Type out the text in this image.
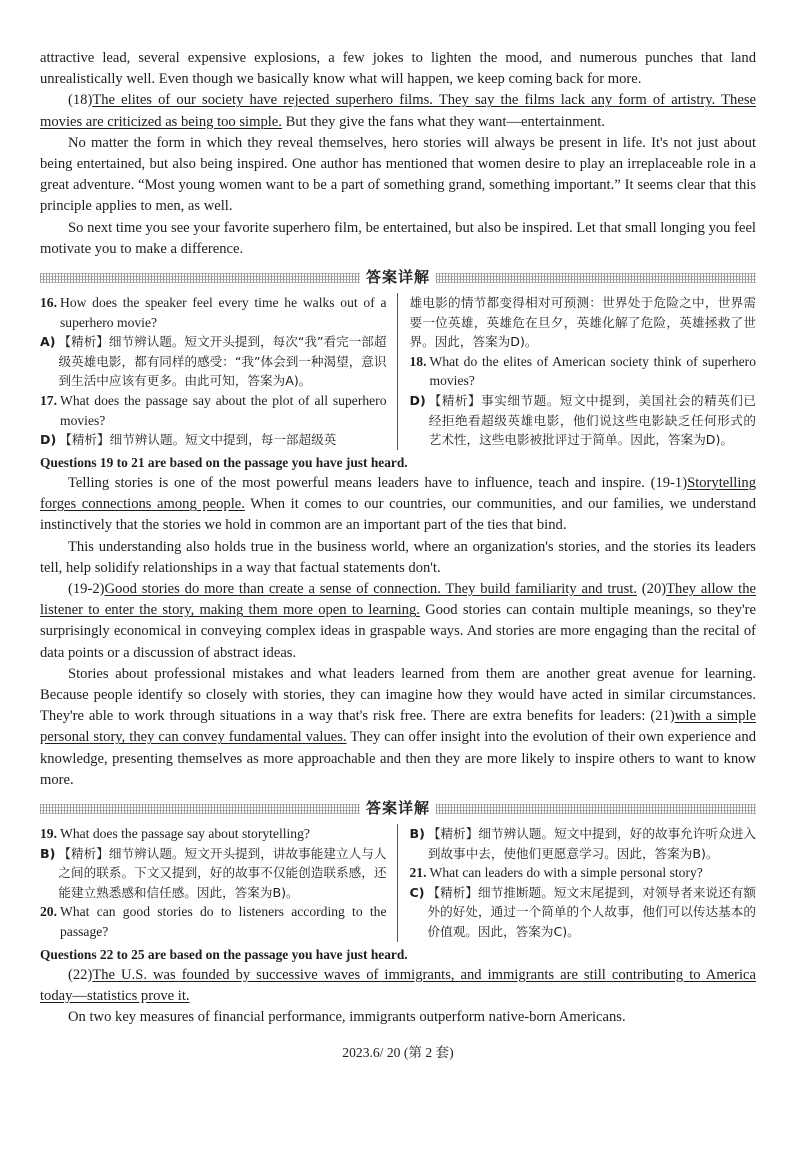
attractive lead, several expensive explosions, a few jokes to lighten the mood, and numerous punches that land unrealistically well. Even though we basically know what will happen, we keep coming back for more.

(18)The elites of our society have rejected superhero films. They say the films lack any form of artistry. These movies are criticized as being too simple. But they give the fans what they want—entertainment.

No matter the form in which they reveal themselves, hero stories will always be present in life. It's not just about being entertained, but also being inspired. One author has mentioned that women desire to play an irreplaceable role in a great adventure. “Most young women want to be a part of something grand, something important.” It seems clear that this principle applies to men, as well.

So next time you see your favorite superhero film, be entertained, but also be inspired. Let that small longing you feel motivate you to make a difference.

答案详解
16. How does the speaker feel every time he walks out of a superhero movie?
A) 【精析】细节辨认题。短文开头提到，每次“我”看完一部超级英雄电影，都有同样的感受：“我”体会到一种渴望，意识到生活中应该有更多。由此可知，答案为A)。
17. What does the passage say about the plot of all superhero movies?
D) 【精析】细节辨认题。短文中提到，每一部超级英
雄电影的情节都变得相对可预测：世界处于危险之中，世界需要一位英雄，英雄危在旦夕，英雄化解了危险，英雄拯救了世界。因此，答案为D)。
18. What do the elites of American society think of superhero movies?
D) 【精析】事实细节题。短文中提到，美国社会的精英们已经拒绝看超级英雄电影，他们说这些电影缺乏任何形式的艺术性，这些电影被批评过于简单。因此，答案为D)。
Questions 19 to 21 are based on the passage you have just heard.

Telling stories is one of the most powerful means leaders have to influence, teach and inspire. (19-1)Storytelling forges connections among people. When it comes to our countries, our communities, and our families, we understand instinctively that the stories we hold in common are an important part of the ties that bind.

This understanding also holds true in the business world, where an organization's stories, and the stories its leaders tell, help solidify relationships in a way that factual statements don't.

(19-2)Good stories do more than create a sense of connection. They build familiarity and trust. (20)They allow the listener to enter the story, making them more open to learning. Good stories can contain multiple meanings, so they're surprisingly economical in conveying complex ideas in graspable ways. And stories are more engaging than the recital of data points or a discussion of abstract ideas.

Stories about professional mistakes and what leaders learned from them are another great avenue for learning. Because people identify so closely with stories, they can imagine how they would have acted in similar circumstances. They're able to work through situations in a way that's risk free. There are extra benefits for leaders: (21)with a simple personal story, they can convey fundamental values. They can offer insight into the evolution of their own experience and knowledge, presenting themselves as more approachable and then they are more likely to inspire others to want to know more.

答案详解
19. What does the passage say about storytelling?
B) 【精析】细节辨认题。短文开头提到，讲故事能建立人与人之间的联系。下文又提到，好的故事不仅能创造联系感，还能建立熟悉感和信任感。因此，答案为B)。
20. What can good stories do to listeners according to the passage?
B) 【精析】细节辨认题。短文中提到，好的故事允许听众进入到故事中去，使他们更愿意学习。因此，答案为B)。
21. What can leaders do with a simple personal story?
C) 【精析】细节推断题。短文末尾提到，对领导者来说还有额外的好处，通过一个简单的个人故事，他们可以传达基本的价值观。因此，答案为C)。
Questions 22 to 25 are based on the passage you have just heard.

(22)The U.S. was founded by successive waves of immigrants, and immigrants are still contributing to America today—statistics prove it.

On two key measures of financial performance, immigrants outperform native-born Americans.

2023.6/ 20 (第 2 套)
